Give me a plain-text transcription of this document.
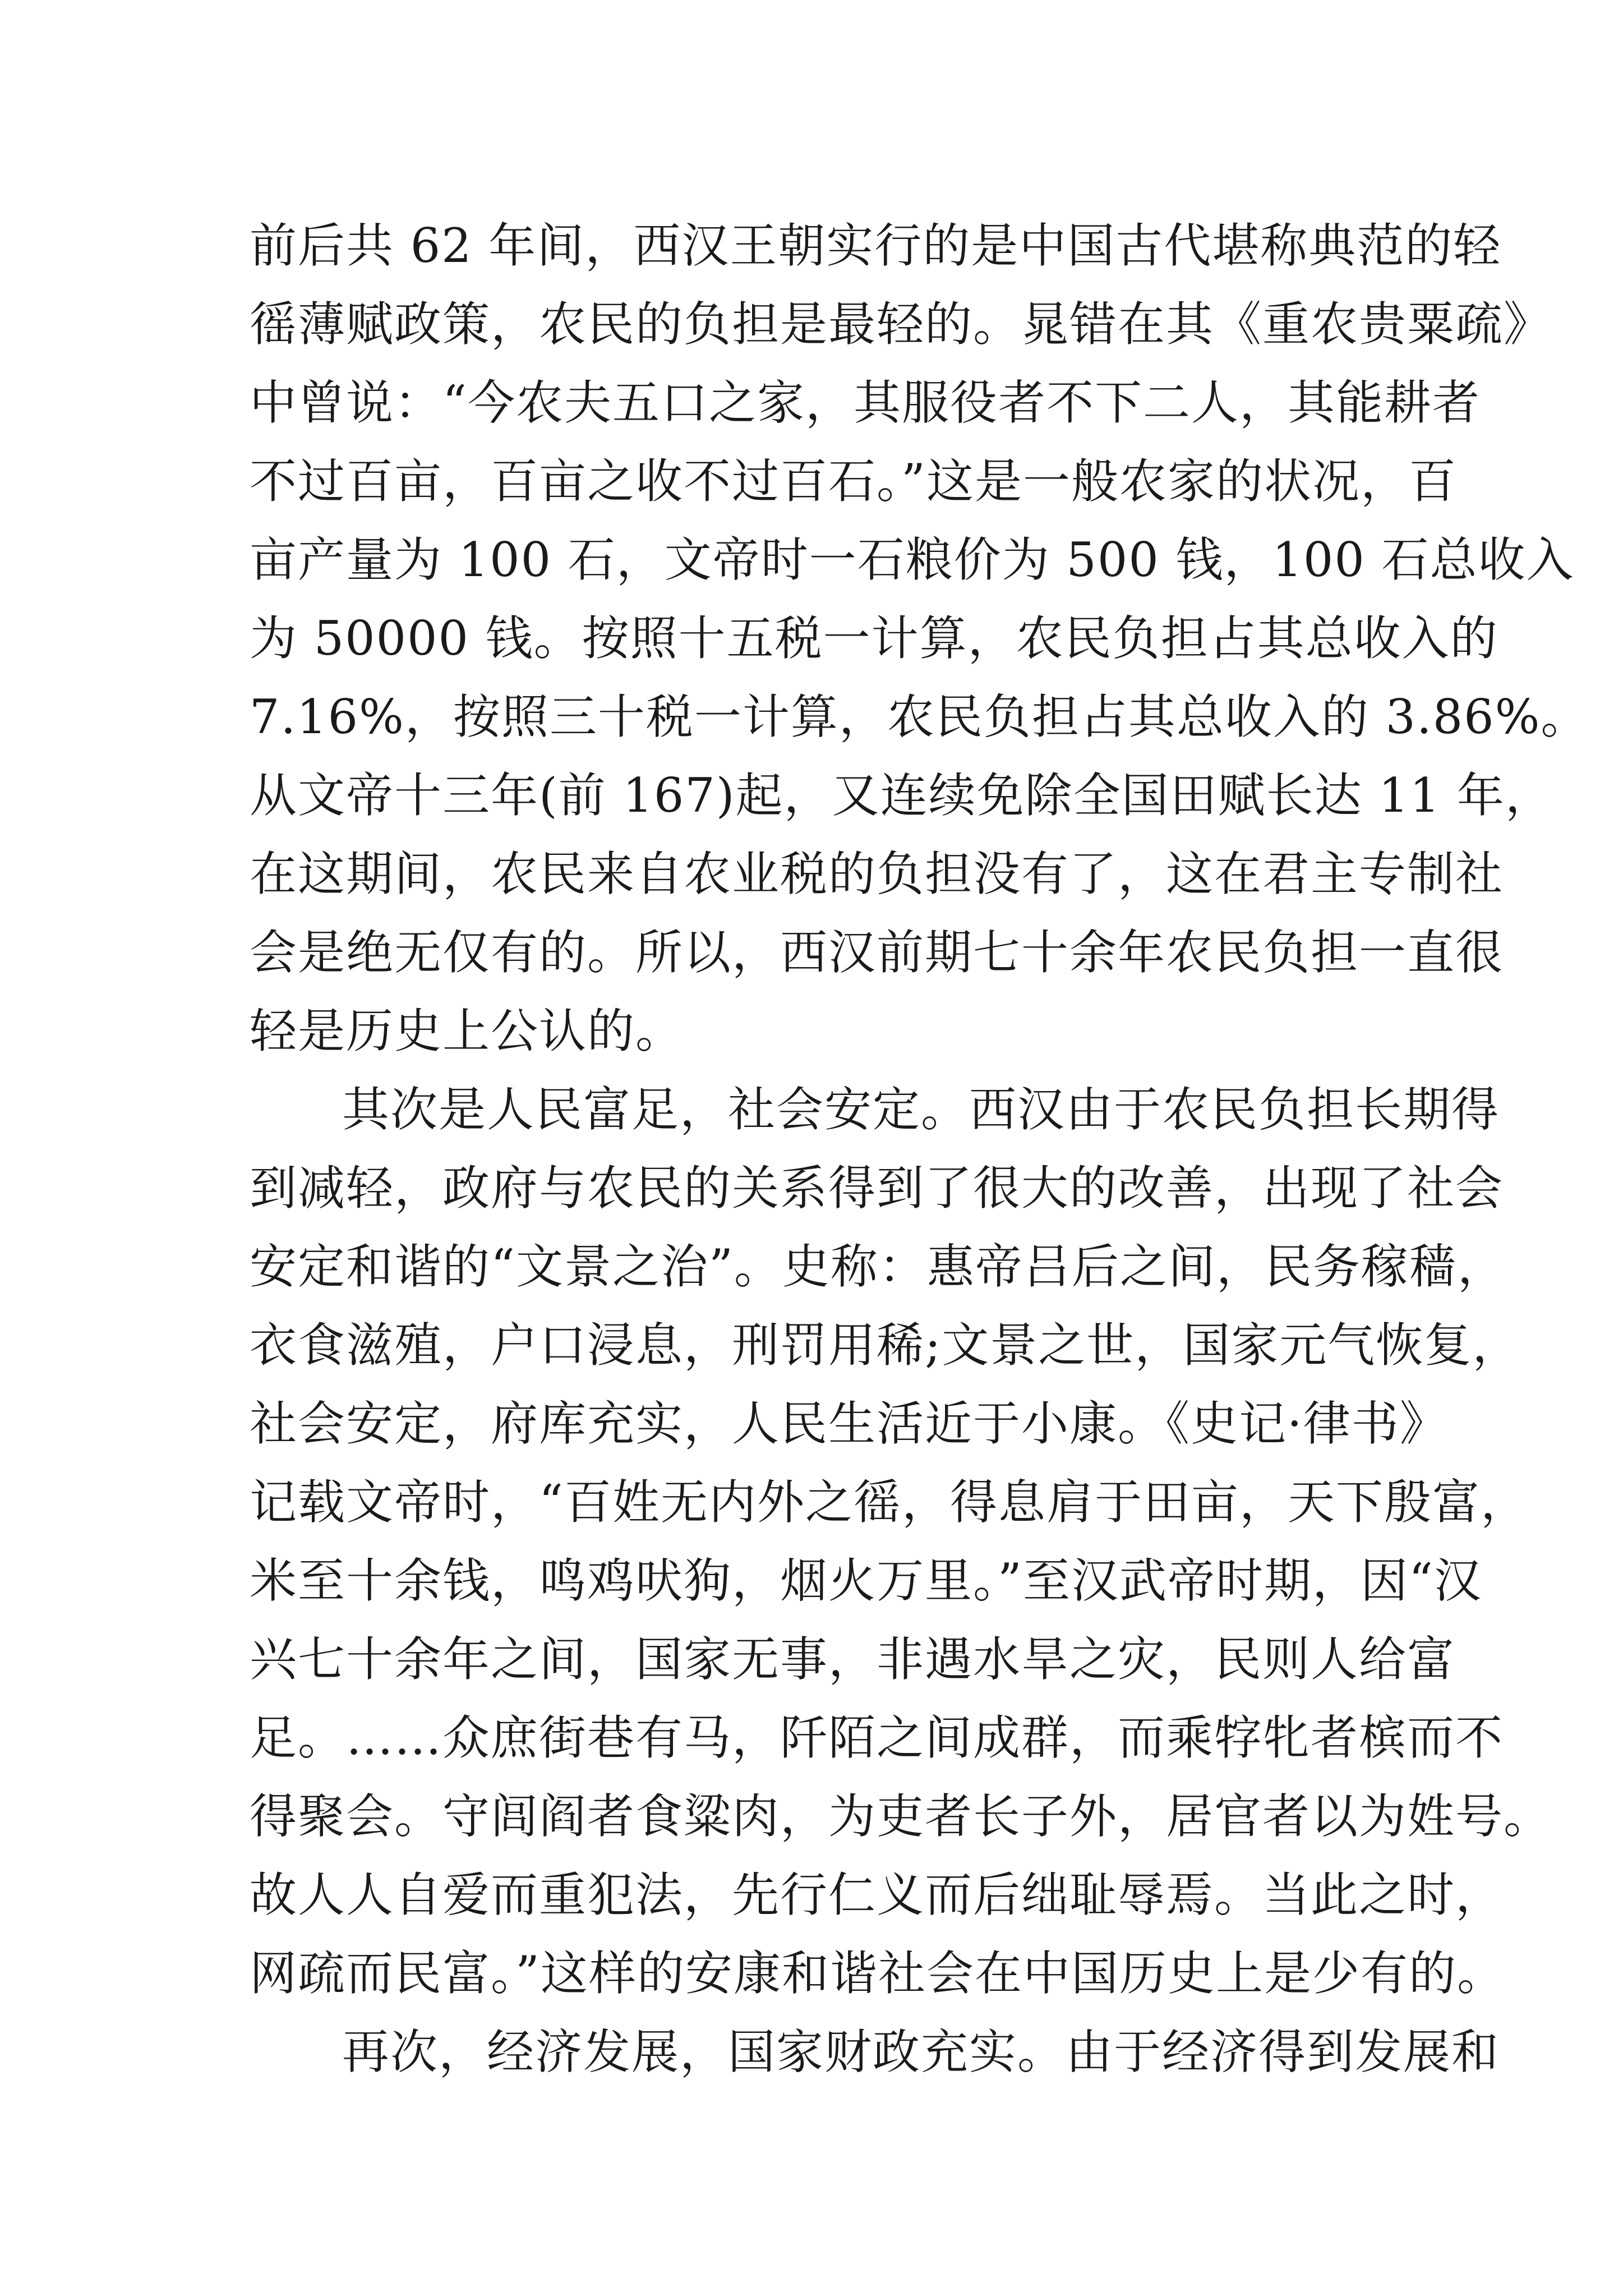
前后共 62 年间，西汉王朝实行的是中国古代堪称典范的轻
徭薄赋政策，农民的负担是最轻的。晁错在其《重农贵粟疏》
中曾说：“今农夫五口之家，其服役者不下二人，其能耕者
不过百亩，百亩之收不过百石。”这是一般农家的状况，百
亩产量为 100 石，文帝时一石粮价为 500 钱，100 石总收入
为 50000 钱。按照十五税一计算，农民负担占其总收入的
7.16%，按照三十税一计算，农民负担占其总收入的 3.86%。
从文帝十三年(前 167)起，又连续免除全国田赋长达 11 年，
在这期间，农民来自农业税的负担没有了，这在君主专制社
会是绝无仅有的。所以，西汉前期七十余年农民负担一直很
轻是历史上公认的。
其次是人民富足，社会安定。西汉由于农民负担长期得
到减轻，政府与农民的关系得到了很大的改善，出现了社会
安定和谐的“文景之治”。史称：惠帝吕后之间，民务稼穑，
衣食滋殖，户口浸息，刑罚用稀;文景之世，国家元气恢复，
社会安定，府库充实，人民生活近于小康。《史记·律书》
记载文帝时，“百姓无内外之徭，得息肩于田亩，天下殷富，
米至十余钱，鸣鸡吠狗，烟火万里。”至汉武帝时期，因“汉
兴七十余年之间，国家无事，非遇水旱之灾，民则人给富
足。……众庶街巷有马，阡陌之间成群，而乘牸牝者槟而不
得聚会。守闾阎者食粱肉，为吏者长子外，居官者以为姓号。
故人人自爱而重犯法，先行仁义而后绌耻辱焉。当此之时，
网疏而民富。”这样的安康和谐社会在中国历史上是少有的。
再次，经济发展，国家财政充实。由于经济得到发展和
